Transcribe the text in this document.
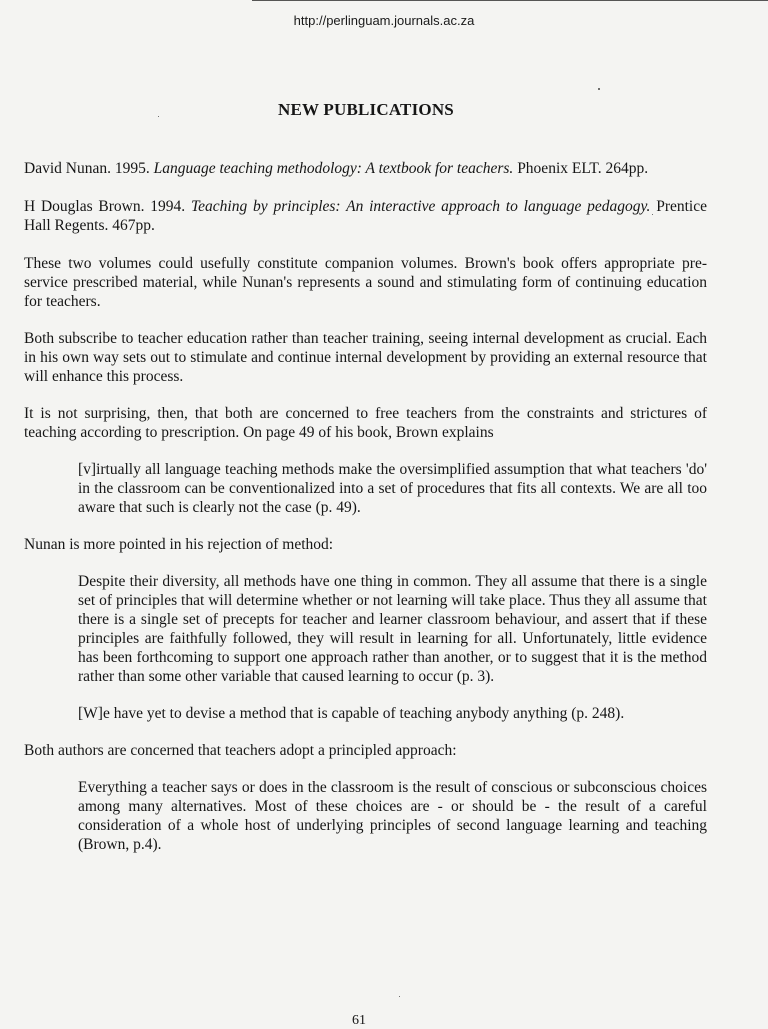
http://perlinguam.journals.ac.za
NEW PUBLICATIONS

David Nunan. 1995. Language teaching methodology: A textbook for teachers. Phoenix ELT. 264pp.

H Douglas Brown. 1994. Teaching by principles: An interactive approach to language pedagogy. Prentice Hall Regents. 467pp.

These two volumes could usefully constitute companion volumes. Brown's book offers appropriate pre-service prescribed material, while Nunan's represents a sound and stimulating form of continuing education for teachers.

Both subscribe to teacher education rather than teacher training, seeing internal development as crucial. Each in his own way sets out to stimulate and continue internal development by providing an external resource that will enhance this process.

It is not surprising, then, that both are concerned to free teachers from the constraints and strictures of teaching according to prescription. On page 49 of his book, Brown explains

[v]irtually all language teaching methods make the oversimplified assumption that what teachers 'do' in the classroom can be conventionalized into a set of procedures that fits all contexts. We are all too aware that such is clearly not the case (p. 49).

Nunan is more pointed in his rejection of method:

Despite their diversity, all methods have one thing in common. They all assume that there is a single set of principles that will determine whether or not learning will take place. Thus they all assume that there is a single set of precepts for teacher and learner classroom behaviour, and assert that if these principles are faithfully followed, they will result in learning for all. Unfortunately, little evidence has been forthcoming to support one approach rather than another, or to suggest that it is the method rather than some other variable that caused learning to occur (p. 3).

[W]e have yet to devise a method that is capable of teaching anybody anything (p. 248).

Both authors are concerned that teachers adopt a principled approach:

Everything a teacher says or does in the classroom is the result of conscious or subconscious choices among many alternatives. Most of these choices are - or should be - the result of a careful consideration of a whole host of underlying principles of second language learning and teaching (Brown, p.4).

61
